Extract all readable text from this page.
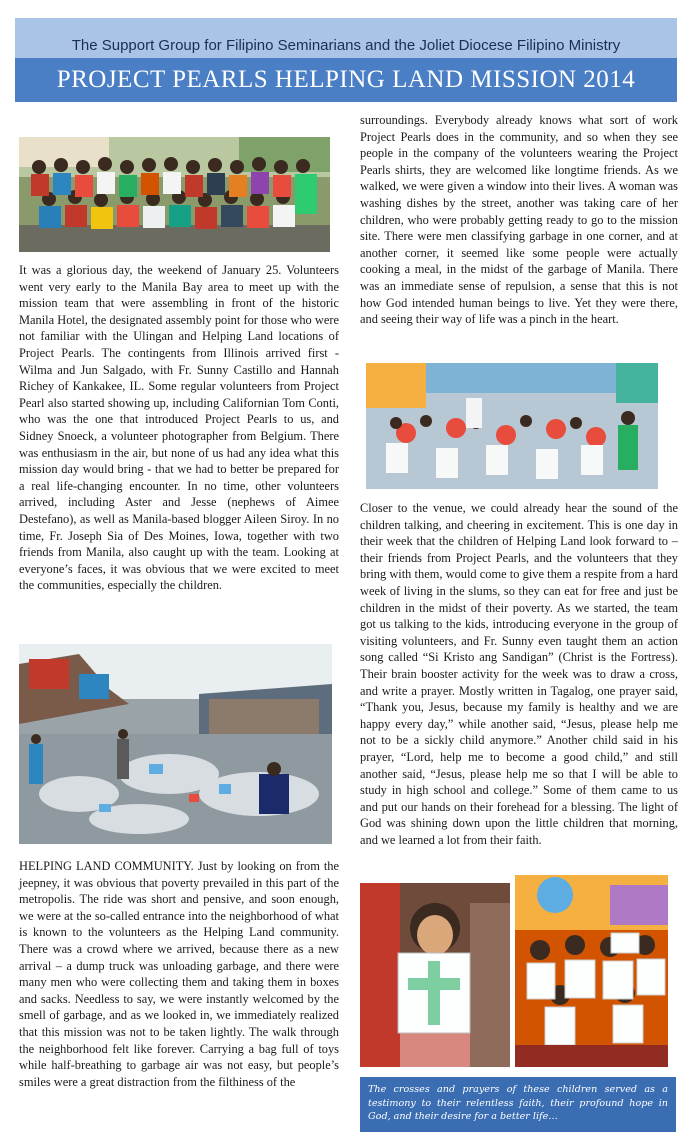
The Support Group for Filipino Seminarians and the Joliet Diocese Filipino Ministry
PROJECT PEARLS HELPING LAND MISSION 2014

It was a glorious day, the weekend of January 25. Volunteers went very early to the Manila Bay area to meet up with the mission team that were assembling in front of the historic Manila Hotel, the designated assembly point for those who were not familiar with the Ulingan and Helping Land locations of Project Pearls. The contingents from Illinois arrived first - Wilma and Jun Salgado, with Fr. Sunny Castillo and Hannah Richey of Kankakee, IL. Some regular volunteers from Project Pearl also started showing up, including Californian Tom Conti, who was the one that introduced Project Pearls to us, and Sidney Snoeck, a volunteer photographer from Belgium. There was enthusiasm in the air, but none of us had any idea what this mission day would bring - that we had to better be prepared for a real life-changing encounter. In no time, other volunteers arrived, including Aster and Jesse (nephews of Aimee Destefano), as well as Manila-based blogger Aileen Siroy. In no time, Fr. Joseph Sia of Des Moines, Iowa, together with two friends from Manila, also caught up with the team. Looking at everyone’s faces, it was obvious that we were excited to meet the communities, especially the children.

HELPING LAND COMMUNITY. Just by looking on from the jeepney, it was obvious that poverty prevailed in this part of the metropolis. The ride was short and pensive, and soon enough, we were at the so-called entrance into the neighborhood of what is known to the volunteers as the Helping Land community. There was a crowd where we arrived, because there as a new arrival – a dump truck was unloading garbage, and there were many men who were collecting them and taking them in boxes and sacks. Needless to say, we were instantly welcomed by the smell of garbage, and as we looked in, we immediately realized that this mission was not to be taken lightly. The walk through the neighborhood felt like forever. Carrying a bag full of toys while half-breathing to garbage air was not easy, but people’s smiles were a great distraction from the filthiness of the

surroundings. Everybody already knows what sort of work Project Pearls does in the community, and so when they see people in the company of the volunteers wearing the Project Pearls shirts, they are welcomed like longtime friends. As we walked, we were given a window into their lives. A woman was washing dishes by the street, another was taking care of her children, who were probably getting ready to go to the mission site. There were men classifying garbage in one corner, and at another corner, it seemed like some people were actually cooking a meal, in the midst of the garbage of Manila. There was an immediate sense of repulsion, a sense that this is not how God intended human beings to live. Yet they were there, and seeing their way of life was a pinch in the heart.

Closer to the venue, we could already hear the sound of the children talking, and cheering in excitement. This is one day in their week that the children of Helping Land look forward to – their friends from Project Pearls, and the volunteers that they bring with them, would come to give them a respite from a hard week of living in the slums, so they can eat for free and just be children in the midst of their poverty. As we started, the team got us talking to the kids, introducing everyone in the group of visiting volunteers, and Fr. Sunny even taught them an action song called “Si Kristo ang Sandigan” (Christ is the Fortress). Their brain booster activity for the week was to draw a cross, and write a prayer. Mostly written in Tagalog, one prayer said, “Thank you, Jesus, because my family is healthy and we are happy every day,” while another said, “Jesus, please help me not to be a sickly child anymore.” Another child said in his prayer, “Lord, help me to become a good child,” and still another said, “Jesus, please help me so that I will be able to study in high school and college.” Some of them came to us and put our hands on their forehead for a blessing. The light of God was shining down upon the little children that morning, and we learned a lot from their faith.

The crosses and prayers of these children served as a testimony to their relentless faith, their profound hope in God, and their desire for a better life…
